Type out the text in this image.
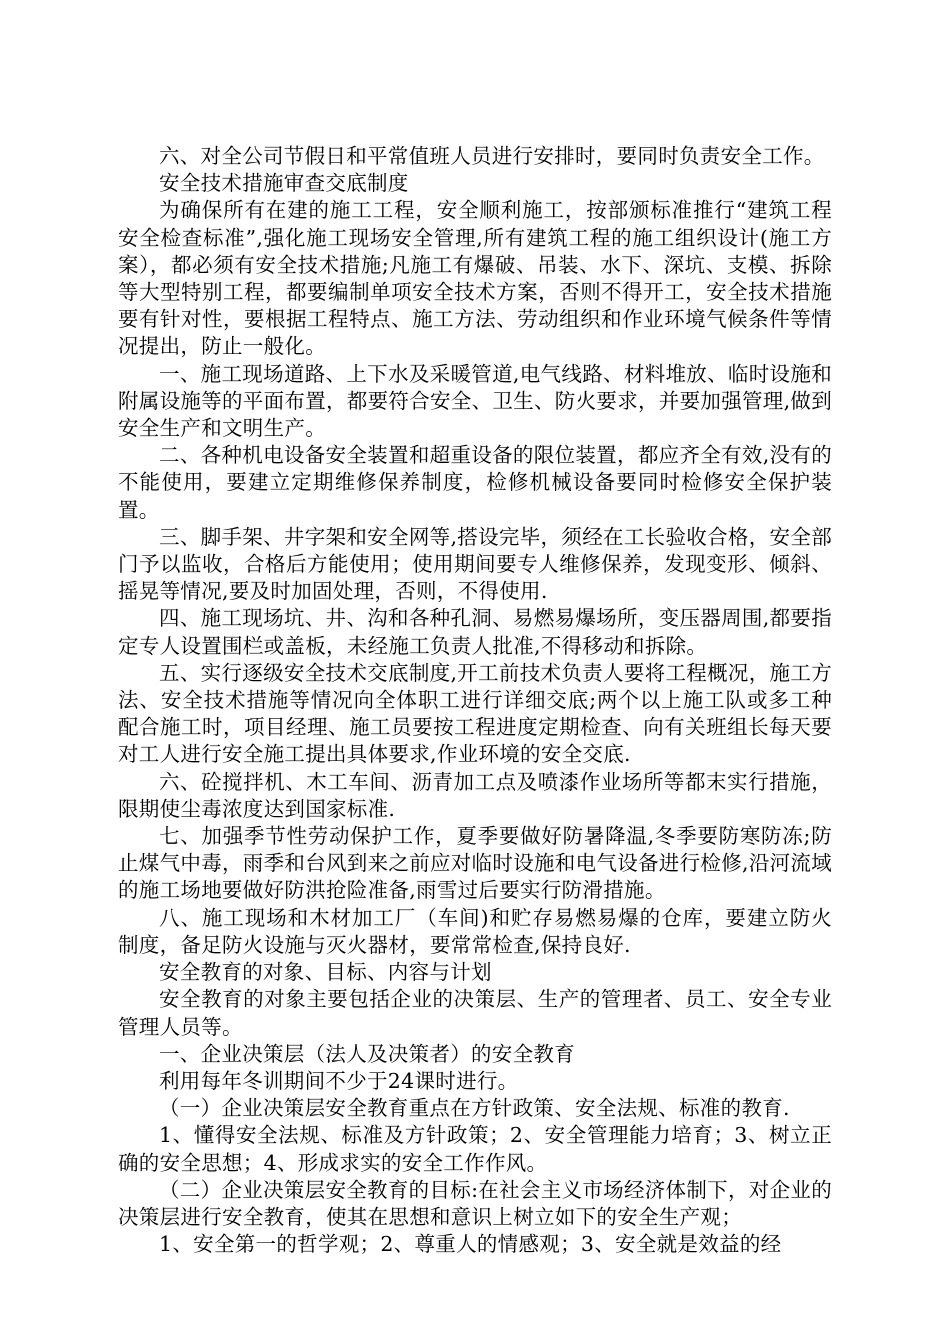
六、对全公司节假日和平常值班人员进行安排时，要同时负责安全工作。

安全技术措施审查交底制度

为确保所有在建的施工工程，安全顺利施工，按部颁标准推行“建筑工程安全检查标准”,强化施工现场安全管理,所有建筑工程的施工组织设计(施工方案），都必须有安全技术措施;凡施工有爆破、吊装、水下、深坑、支模、拆除等大型特别工程，都要编制单项安全技术方案，否则不得开工，安全技术措施要有针对性，要根据工程特点、施工方法、劳动组织和作业环境气候条件等情况提出，防止一般化。

一、施工现场道路、上下水及采暖管道,电气线路、材料堆放、临时设施和附属设施等的平面布置，都要符合安全、卫生、防火要求，并要加强管理,做到安全生产和文明生产。

二、各种机电设备安全装置和超重设备的限位装置，都应齐全有效,没有的不能使用，要建立定期维修保养制度，检修机械设备要同时检修安全保护装置。

三、脚手架、井字架和安全网等,搭设完毕，须经在工长验收合格，安全部门予以监收，合格后方能使用；使用期间要专人维修保养，发现变形、倾斜、摇晃等情况,要及时加固处理，否则，不得使用.

四、施工现场坑、井、沟和各种孔洞、易燃易爆场所，变压器周围,都要指定专人设置围栏或盖板，未经施工负责人批准,不得移动和拆除。

五、实行逐级安全技术交底制度,开工前技术负责人要将工程概况，施工方法、安全技术措施等情况向全体职工进行详细交底;两个以上施工队或多工种配合施工时，项目经理、施工员要按工程进度定期检查、向有关班组长每天要对工人进行安全施工提出具体要求,作业环境的安全交底.

六、砼搅拌机、木工车间、沥青加工点及喷漆作业场所等都末实行措施，限期使尘毒浓度达到国家标准.

七、加强季节性劳动保护工作，夏季要做好防暑降温,冬季要防寒防冻;防止煤气中毒，雨季和台风到来之前应对临时设施和电气设备进行检修,沿河流域的施工场地要做好防洪抢险准备,雨雪过后要实行防滑措施。

八、施工现场和木材加工厂（车间)和贮存易燃易爆的仓库，要建立防火制度，备足防火设施与灭火器材，要常常检查,保持良好.

安全教育的对象、目标、内容与计划

安全教育的对象主要包括企业的决策层、生产的管理者、员工、安全专业管理人员等。

一、企业决策层（法人及决策者）的安全教育

利用每年冬训期间不少于24课时进行。

（一）企业决策层安全教育重点在方针政策、安全法规、标准的教育.

1、懂得安全法规、标准及方针政策；2、安全管理能力培育；3、树立正确的安全思想；4、形成求实的安全工作作风。

（二）企业决策层安全教育的目标:在社会主义市场经济体制下，对企业的决策层进行安全教育，使其在思想和意识上树立如下的安全生产观；

1、安全第一的哲学观；2、尊重人的情感观；3、安全就是效益的经
